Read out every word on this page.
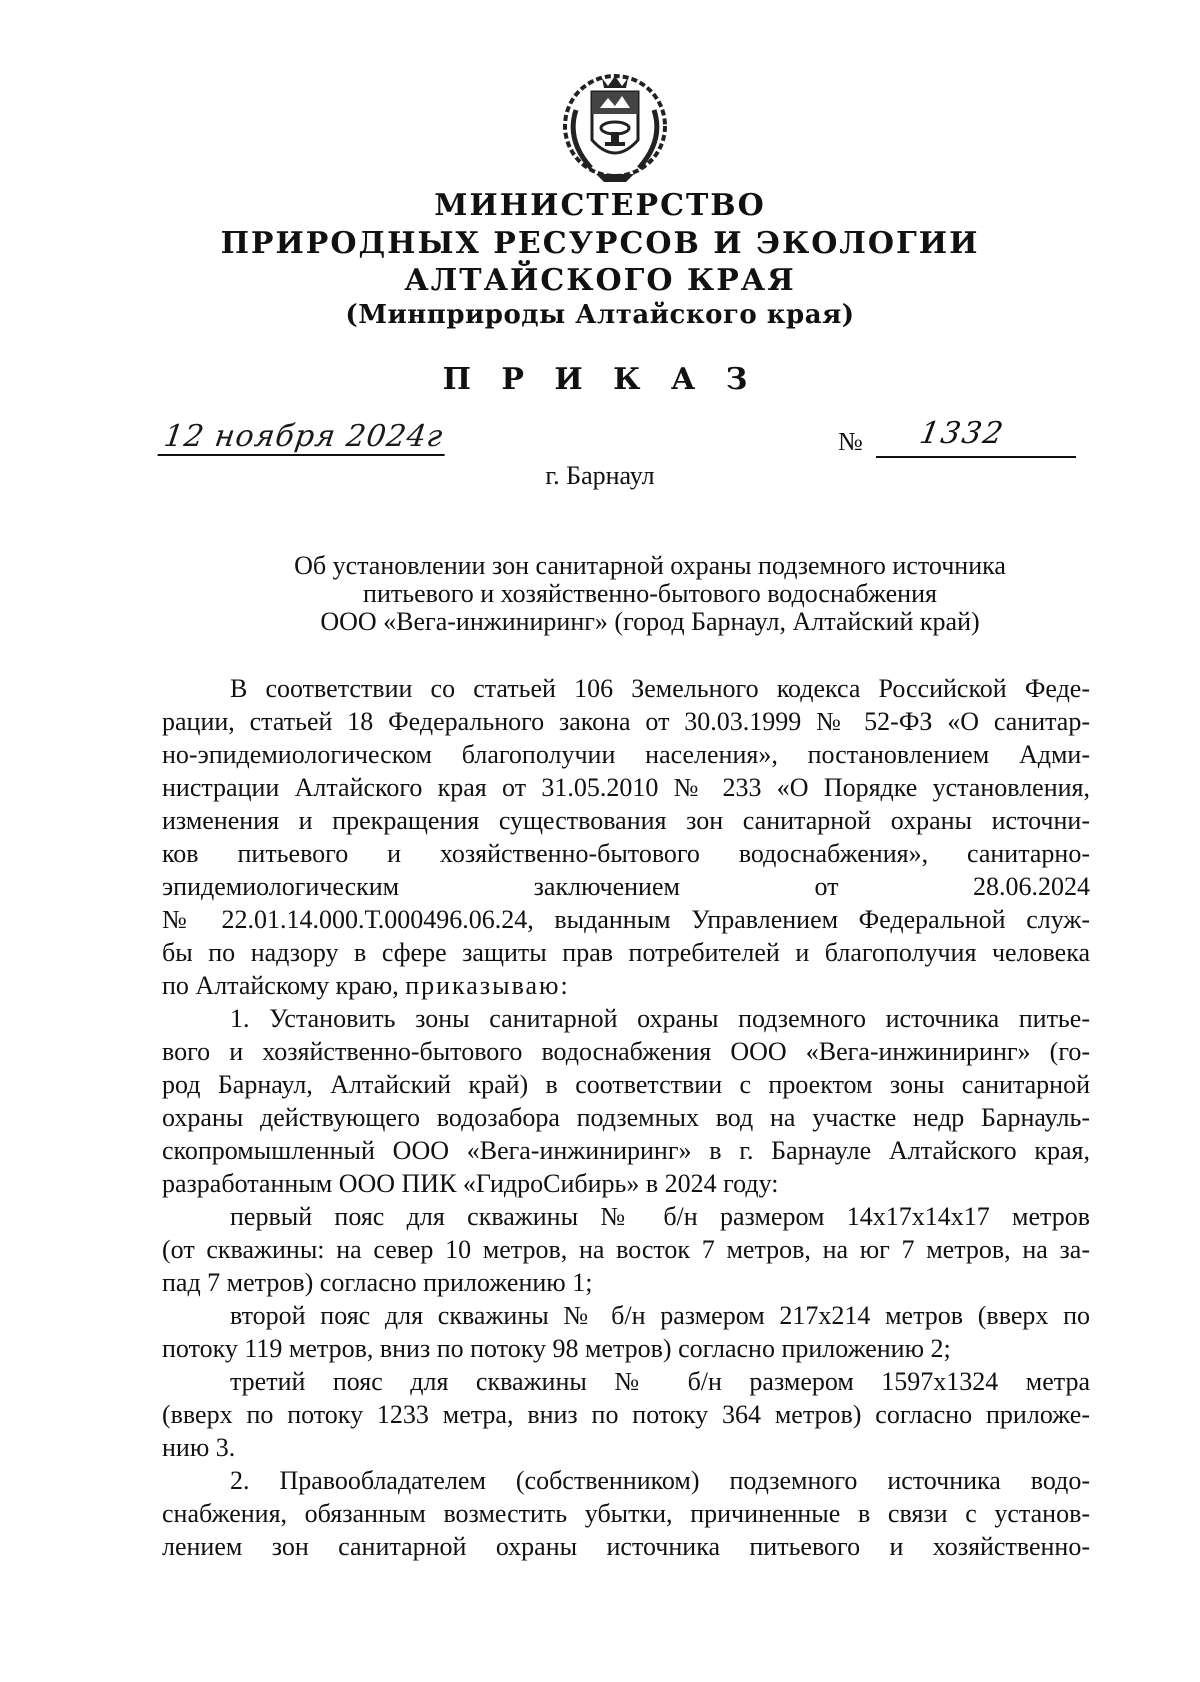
МИНИСТЕРСТВО
ПРИРОДНЫХ РЕСУРСОВ И ЭКОЛОГИИ
АЛТАЙСКОГО КРАЯ
(Минприроды Алтайского края)
П Р И К А З
12 ноября 2024г	№ 1332
г. Барнаул
Об установлении зон санитарной охраны подземного источника
питьевого и хозяйственно-бытового водоснабжения
ООО «Вега-инжиниринг» (город Барнаул, Алтайский край)

В соответствии со статьей 106 Земельного кодекса Российской Феде-
рации, статьей 18 Федерального закона от 30.03.1999 № 52-ФЗ «О санитар-
но-эпидемиологическом благополучии населения», постановлением Адми-
нистрации Алтайского края от 31.05.2010 № 233 «О Порядке установления,
изменения и прекращения существования зон санитарной охраны источни-
ков питьевого и хозяйственно-бытового водоснабжения», санитарно-
эпидемиологическим заключением от 28.06.2024
№ 22.01.14.000.Т.000496.06.24, выданным Управлением Федеральной служ-
бы по надзору в сфере защиты прав потребителей и благополучия человека
по Алтайскому краю, приказываю:

1. Установить зоны санитарной охраны подземного источника питье-
вого и хозяйственно-бытового водоснабжения ООО «Вега-инжиниринг» (го-
род Барнаул, Алтайский край) в соответствии с проектом зоны санитарной
охраны действующего водозабора подземных вод на участке недр Барнауль-
скопромышленный ООО «Вега-инжиниринг» в г. Барнауле Алтайского края,
разработанным ООО ПИК «ГидроСибирь» в 2024 году:

первый пояс для скважины № б/н размером 14х17х14х17 метров
(от скважины: на север 10 метров, на восток 7 метров, на юг 7 метров, на за-
пад 7 метров) согласно приложению 1;

второй пояс для скважины № б/н размером 217х214 метров (вверх по
потоку 119 метров, вниз по потоку 98 метров) согласно приложению 2;

третий пояс для скважины № б/н размером 1597х1324 метра
(вверх по потоку 1233 метра, вниз по потоку 364 метров) согласно приложе-
нию 3.

2. Правообладателем (собственником) подземного источника водо-
снабжения, обязанным возместить убытки, причиненные в связи с установ-
лением зон санитарной охраны источника питьевого и хозяйственно-
